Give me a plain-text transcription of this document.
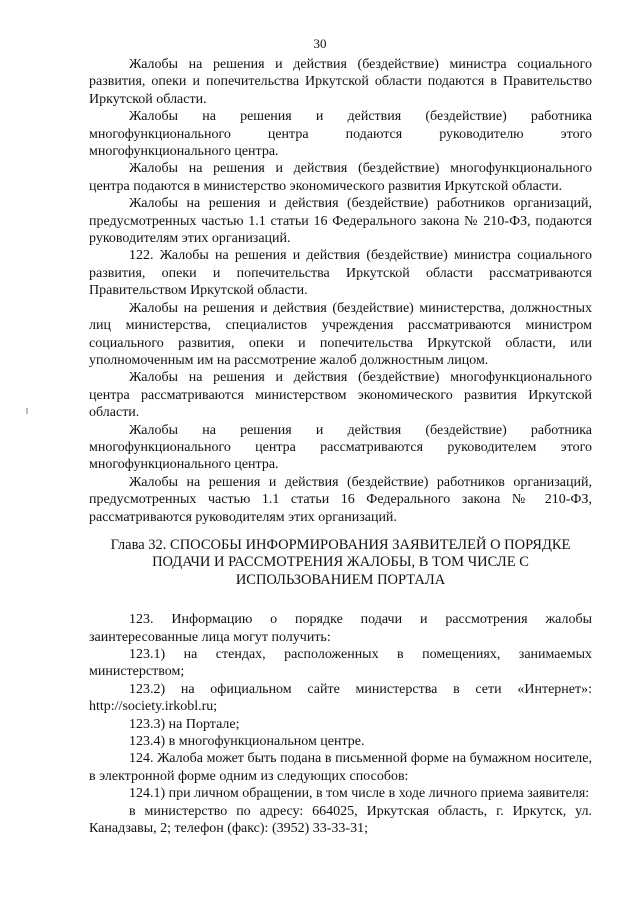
30

Жалобы на решения и действия (бездействие) министра социального развития, опеки и попечительства Иркутской области подаются в Правительство Иркутской области.

Жалобы на решения и действия (бездействие) работника многофункционального центра подаются руководителю этого многофункционального центра.

Жалобы на решения и действия (бездействие) многофункционального центра подаются в министерство экономического развития Иркутской области.

Жалобы на решения и действия (бездействие) работников организаций, предусмотренных частью 1.1 статьи 16 Федерального закона № 210-ФЗ, подаются руководителям этих организаций.

122. Жалобы на решения и действия (бездействие) министра социального развития, опеки и попечительства Иркутской области рассматриваются Правительством Иркутской области.

Жалобы на решения и действия (бездействие) министерства, должностных лиц министерства, специалистов учреждения рассматриваются министром социального развития, опеки и попечительства Иркутской области, или уполномоченным им на рассмотрение жалоб должностным лицом.

Жалобы на решения и действия (бездействие) многофункционального центра рассматриваются министерством экономического развития Иркутской области.

Жалобы на решения и действия (бездействие) работника многофункционального центра рассматриваются руководителем этого многофункционального центра.

Жалобы на решения и действия (бездействие) работников организаций, предусмотренных частью 1.1 статьи 16 Федерального закона № 210-ФЗ, рассматриваются руководителям этих организаций.

Глава 32. СПОСОБЫ ИНФОРМИРОВАНИЯ ЗАЯВИТЕЛЕЙ О ПОРЯДКЕ
ПОДАЧИ И РАССМОТРЕНИЯ ЖАЛОБЫ, В ТОМ ЧИСЛЕ С
ИСПОЛЬЗОВАНИЕМ ПОРТАЛА

123. Информацию о порядке подачи и рассмотрения жалобы заинтересованные лица могут получить:

123.1) на стендах, расположенных в помещениях, занимаемых министерством;

123.2) на официальном сайте министерства в сети «Интернет»: http://society.irkobl.ru;

123.3) на Портале;

123.4) в многофункциональном центре.

124. Жалоба может быть подана в письменной форме на бумажном носителе, в электронной форме одним из следующих способов:

124.1) при личном обращении, в том числе в ходе личного приема заявителя:

в министерство по адресу: 664025, Иркутская область, г. Иркутск, ул. Канадзавы, 2; телефон (факс): (3952) 33-33-31;
